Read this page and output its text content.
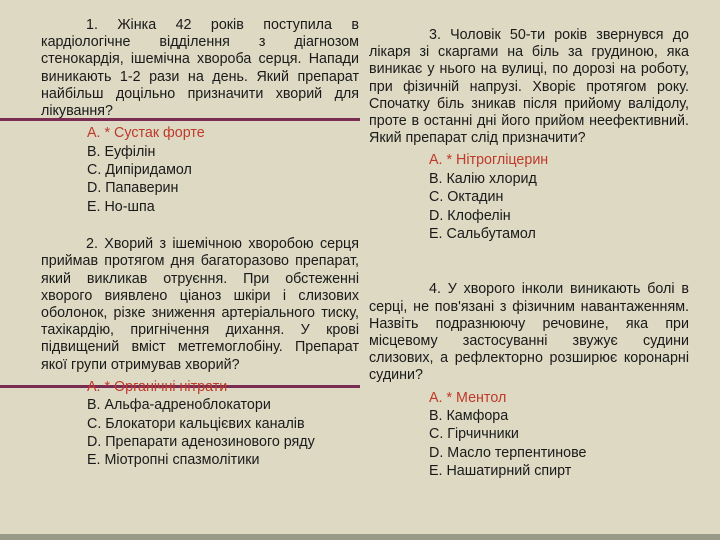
1. Жінка 42 років поступила в кардіологічне відділення з діагнозом стенокардія, ішемічна хвороба серця. Напади виникають 1-2 рази на день. Який препарат найбільш доцільно призначити хворий для лікування?

A. * Сустак форте
B. Еуфілін
C. Дипіридамол
D. Папаверин
E. Но-шпа

2. Хворий з ішемічною хворобою серця приймав протягом дня багаторазово препарат, який викликав отруєння. При обстеженні хворого виявлено ціаноз шкіри і слизових оболонок, різке зниження артеріального тиску, тахікардію, пригнічення дихання. У крові підвищений вміст метгемоглобіну. Препарат якої групи отримував хворий?

A. * Органічні нітрати
B. Альфа-адреноблокатори
C. Блокатори кальцієвих каналів
D. Препарати аденозинового ряду
E. Міотропні спазмолітики

3. Чоловік 50-ти років звернувся до лікаря зі скаргами на біль за грудиною, яка виникає у нього на вулиці, по дорозі на роботу, при фізичній напрузі. Хворіє протягом року. Спочатку біль зникав після прийому валідолу, проте в останні дні його прийом неефективний. Який препарат слід призначити?

A. * Нітрогліцерин
B. Калію хлорид
C. Октадин
D. Клофелін
E. Сальбутамол

4. У хворого інколи виникають болі в серці, не пов'язані з фізичним навантаженням. Назвіть подразнюючу речовине, яка при місцевому застосуванні звужує судини слизових, а рефлекторно розширює коронарні судини?

A. * Ментол
B. Камфора
C. Гірчичники
D. Масло терпентинове
E. Нашатирний спирт
